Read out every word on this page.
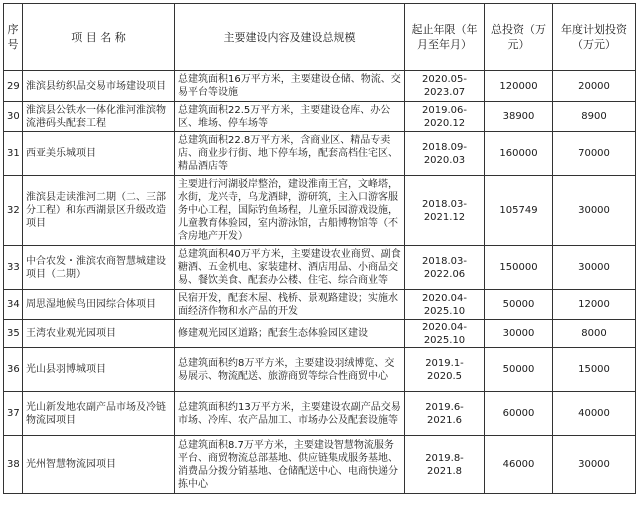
序号	项 目 名 称	主要建设内容及建设总规模	起止年限（年月至年月）	总投资（万元）	年度计划投资（万元）
29	淮滨县纺织品交易市场建设项目	总建筑面积16万平方米，主要建设仓储、物流、交易平台等设施	2020.05-2023.07	120000	20000
30	淮滨县公铁水一体化淮河淮滨物流港码头配套工程	总建筑面积22.5万平方米，主要建设仓库、办公区、堆场、停车场等	2019.06-2020.12	38900	8900
31	西亚美乐城项目	总建筑面积22.8万平方米，含商业区、精品专卖店、商业步行街、地下停车场，配套高档住宅区、精品酒店等	2018.09-2020.03	160000	70000
32	淮滨县走读淮河二期（二、三部分工程）和东西湖景区升级改造项目	主要进行河湖驳岸整治，建设淮南王宫，文峰塔，水街，龙兴寺，乌龙酒肆，游研筑，主入口游客服务中心工程，国际钓鱼场程，儿童乐园游戏设施，儿童教育体验园，室内游泳馆，古船博物馆等（不含房地产开发）	2018.03-2021.12	105749	30000
33	中合农发・淮滨农商智慧城建设项目（二期）	总建筑面积40万平方米，主要建设农业商贸、副食糖酒、五金机电、家装建材、酒店用品、小商品交易、餐饮美食、配套办公楼、住宅、综合商业等	2018.03-2022.06	150000	30000
34	周思湿地候鸟田园综合体项目	民宿开发，配套木屋、栈桥、景观路建设；实施水面经济作物和水产品的开发	2020.04-2025.10	50000	12000
35	王湾农业观光园项目	修建观光园区道路；配套生态体验园区建设	2020.04-2025.10	30000	8000
36	光山县羽博城项目	总建筑面积约8万平方米，主要建设羽绒博览、交易展示、物流配送、旅游商贸等综合性商贸中心	2019.1-2020.5	50000	15000
37	光山新发地农副产品市场及冷链物流园项目	总建筑面积约13万平方米，主要建设农副产品交易市场、冷库、农产品加工、市场办公及配套设施等	2019.6-2021.6	60000	40000
38	光州智慧物流园项目	总建筑面积8.7万平方米，主要建设智慧物流服务平台、商贸物流总部基地、供应链集成服务基地、消费品分拨分销基地、仓储配送中心、电商快递分拣中心	2019.8-2021.8	46000	30000
